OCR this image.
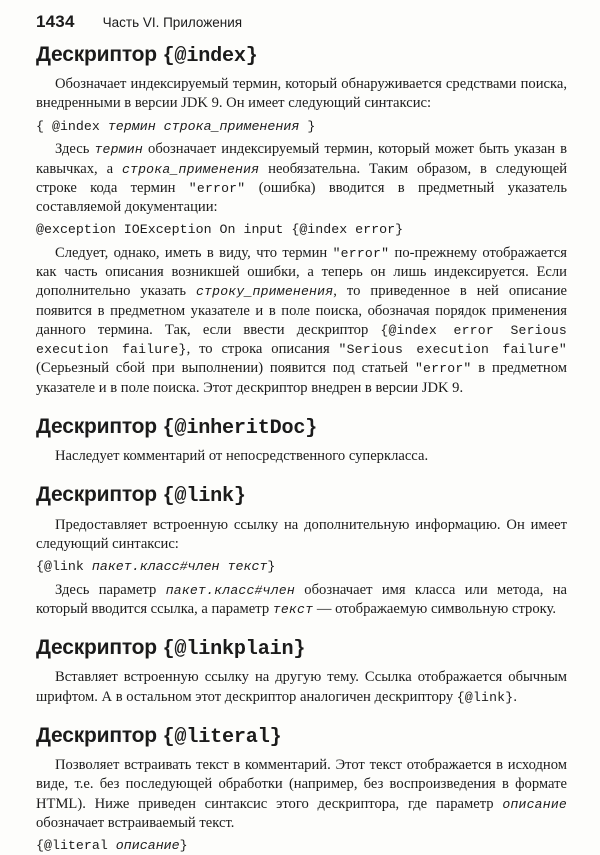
1434 Часть VI. Приложения
Дескриптор {@index}

Обозначает индексируемый термин, который обнаруживается средствами поиска, внедренными в версии JDK 9. Он имеет следующий синтаксис:

{ @index термин строка_применения }

Здесь термин обозначает индексируемый термин, который может быть указан в кавычках, а строка_применения необязательна. Таким образом, в следующей строке кода термин "error" (ошибка) вводится в предметный указатель составляемой документации:

@exception IOException On input {@index error}

Следует, однако, иметь в виду, что термин "error" по-прежнему отображается как часть описания возникшей ошибки, а теперь он лишь индексируется. Если дополнительно указать строку_применения, то приведенное в ней описание появится в предметном указателе и в поле поиска, обозначая порядок применения данного термина. Так, если ввести дескриптор {@index error Serious execution failure}, то строка описания "Serious execution failure" (Серьезный сбой при выполнении) появится под статьей "error" в предметном указателе и в поле поиска. Этот дескриптор внедрен в версии JDK 9.

Дескриптор {@inheritDoc}

Наследует комментарий от непосредственного суперкласса.

Дескриптор {@link}

Предоставляет встроенную ссылку на дополнительную информацию. Он имеет следующий синтаксис:

{@link пакет.класс#член текст}

Здесь параметр пакет.класс#член обозначает имя класса или метода, на который вводится ссылка, а параметр текст — отображаемую символьную строку.

Дескриптор {@linkplain}

Вставляет встроенную ссылку на другую тему. Ссылка отображается обычным шрифтом. А в остальном этот дескриптор аналогичен дескриптору {@link}.

Дескриптор {@literal}

Позволяет встраивать текст в комментарий. Этот текст отображается в исходном виде, т.е. без последующей обработки (например, без воспроизведения в формате HTML). Ниже приведен синтаксис этого дескриптора, где параметр описание обозначает встраиваемый текст.

{@literal описание}
